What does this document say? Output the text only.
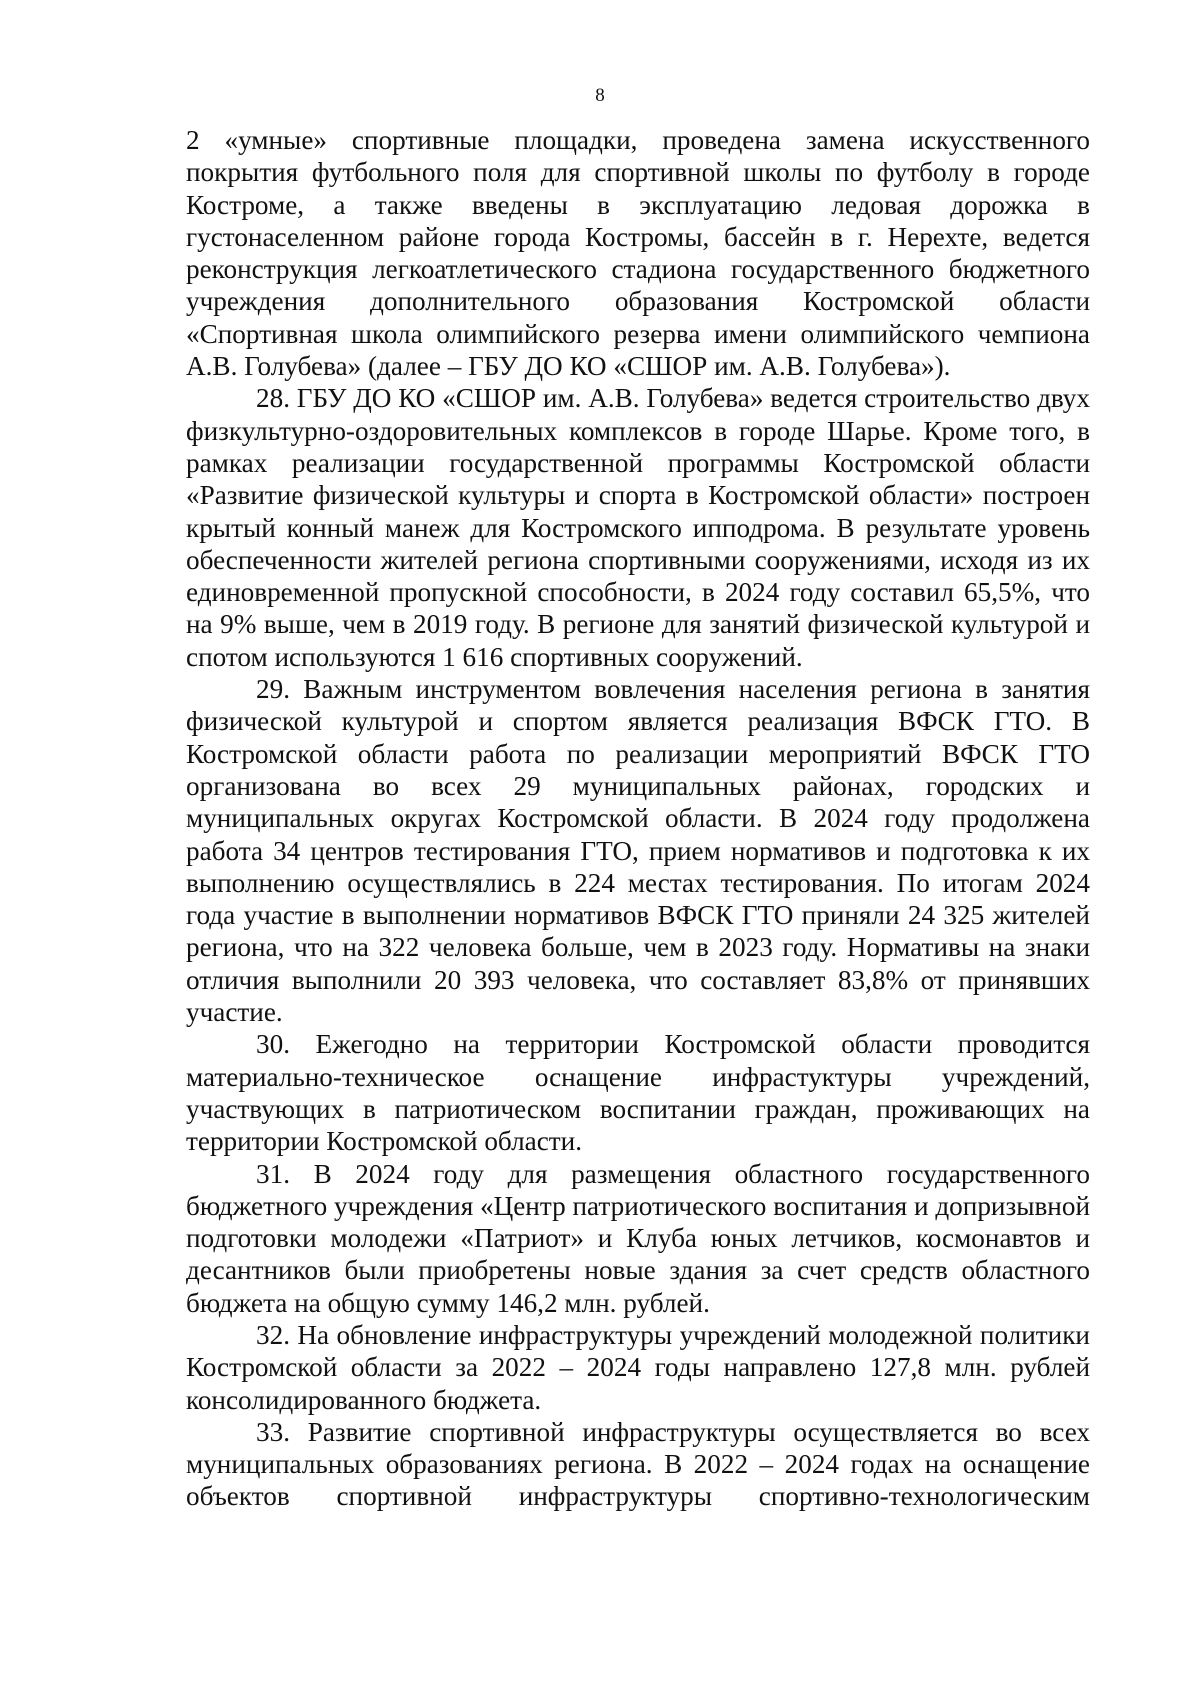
8

2 «умные» спортивные площадки, проведена замена искусственного покрытия футбольного поля для спортивной школы по футболу в городе Костроме, а также введены в эксплуатацию ледовая дорожка в густонаселенном районе города Костромы, бассейн в г. Нерехте, ведется реконструкция легкоатлетического стадиона государственного бюджетного учреждения дополнительного образования Костромской области «Спортивная школа олимпийского резерва имени олимпийского чемпиона А.В. Голубева» (далее – ГБУ ДО КО «СШОР им. А.В. Голубева»).

28. ГБУ ДО КО «СШОР им. А.В. Голубева» ведется строительство двух физкультурно-оздоровительных комплексов в городе Шарье. Кроме того, в рамках реализации государственной программы Костромской области «Развитие физической культуры и спорта в Костромской области» построен крытый конный манеж для Костромского ипподрома. В результате уровень обеспеченности жителей региона спортивными сооружениями, исходя из их единовременной пропускной способности, в 2024 году составил 65,5%, что на 9% выше, чем в 2019 году. В регионе для занятий физической культурой и спотом используются 1 616 спортивных сооружений.

29. Важным инструментом вовлечения населения региона в занятия физической культурой и спортом является реализация ВФСК ГТО. В Костромской области работа по реализации мероприятий ВФСК ГТО организована во всех 29 муниципальных районах, городских и муниципальных округах Костромской области. В 2024 году продолжена работа 34 центров тестирования ГТО, прием нормативов и подготовка к их выполнению осуществлялись в 224 местах тестирования. По итогам 2024 года участие в выполнении нормативов ВФСК ГТО приняли 24 325 жителей региона, что на 322 человека больше, чем в 2023 году. Нормативы на знаки отличия выполнили 20 393 человека, что составляет 83,8% от принявших участие.

30. Ежегодно на территории Костромской области проводится материально-техническое оснащение инфрастуктуры учреждений, участвующих в патриотическом воспитании граждан, проживающих на территории Костромской области.

31. В 2024 году для размещения областного государственного бюджетного учреждения «Центр патриотического воспитания и допризывной подготовки молодежи «Патриот» и Клуба юных летчиков, космонавтов и десантников были приобретены новые здания за счет средств областного бюджета на общую сумму 146,2 млн. рублей.

32. На обновление инфраструктуры учреждений молодежной политики Костромской области за 2022 – 2024 годы направлено 127,8 млн. рублей консолидированного бюджета.

33. Развитие спортивной инфраструктуры осуществляется во всех муниципальных образованиях региона. В 2022 – 2024 годах на оснащение объектов спортивной инфраструктуры спортивно-технологическим
